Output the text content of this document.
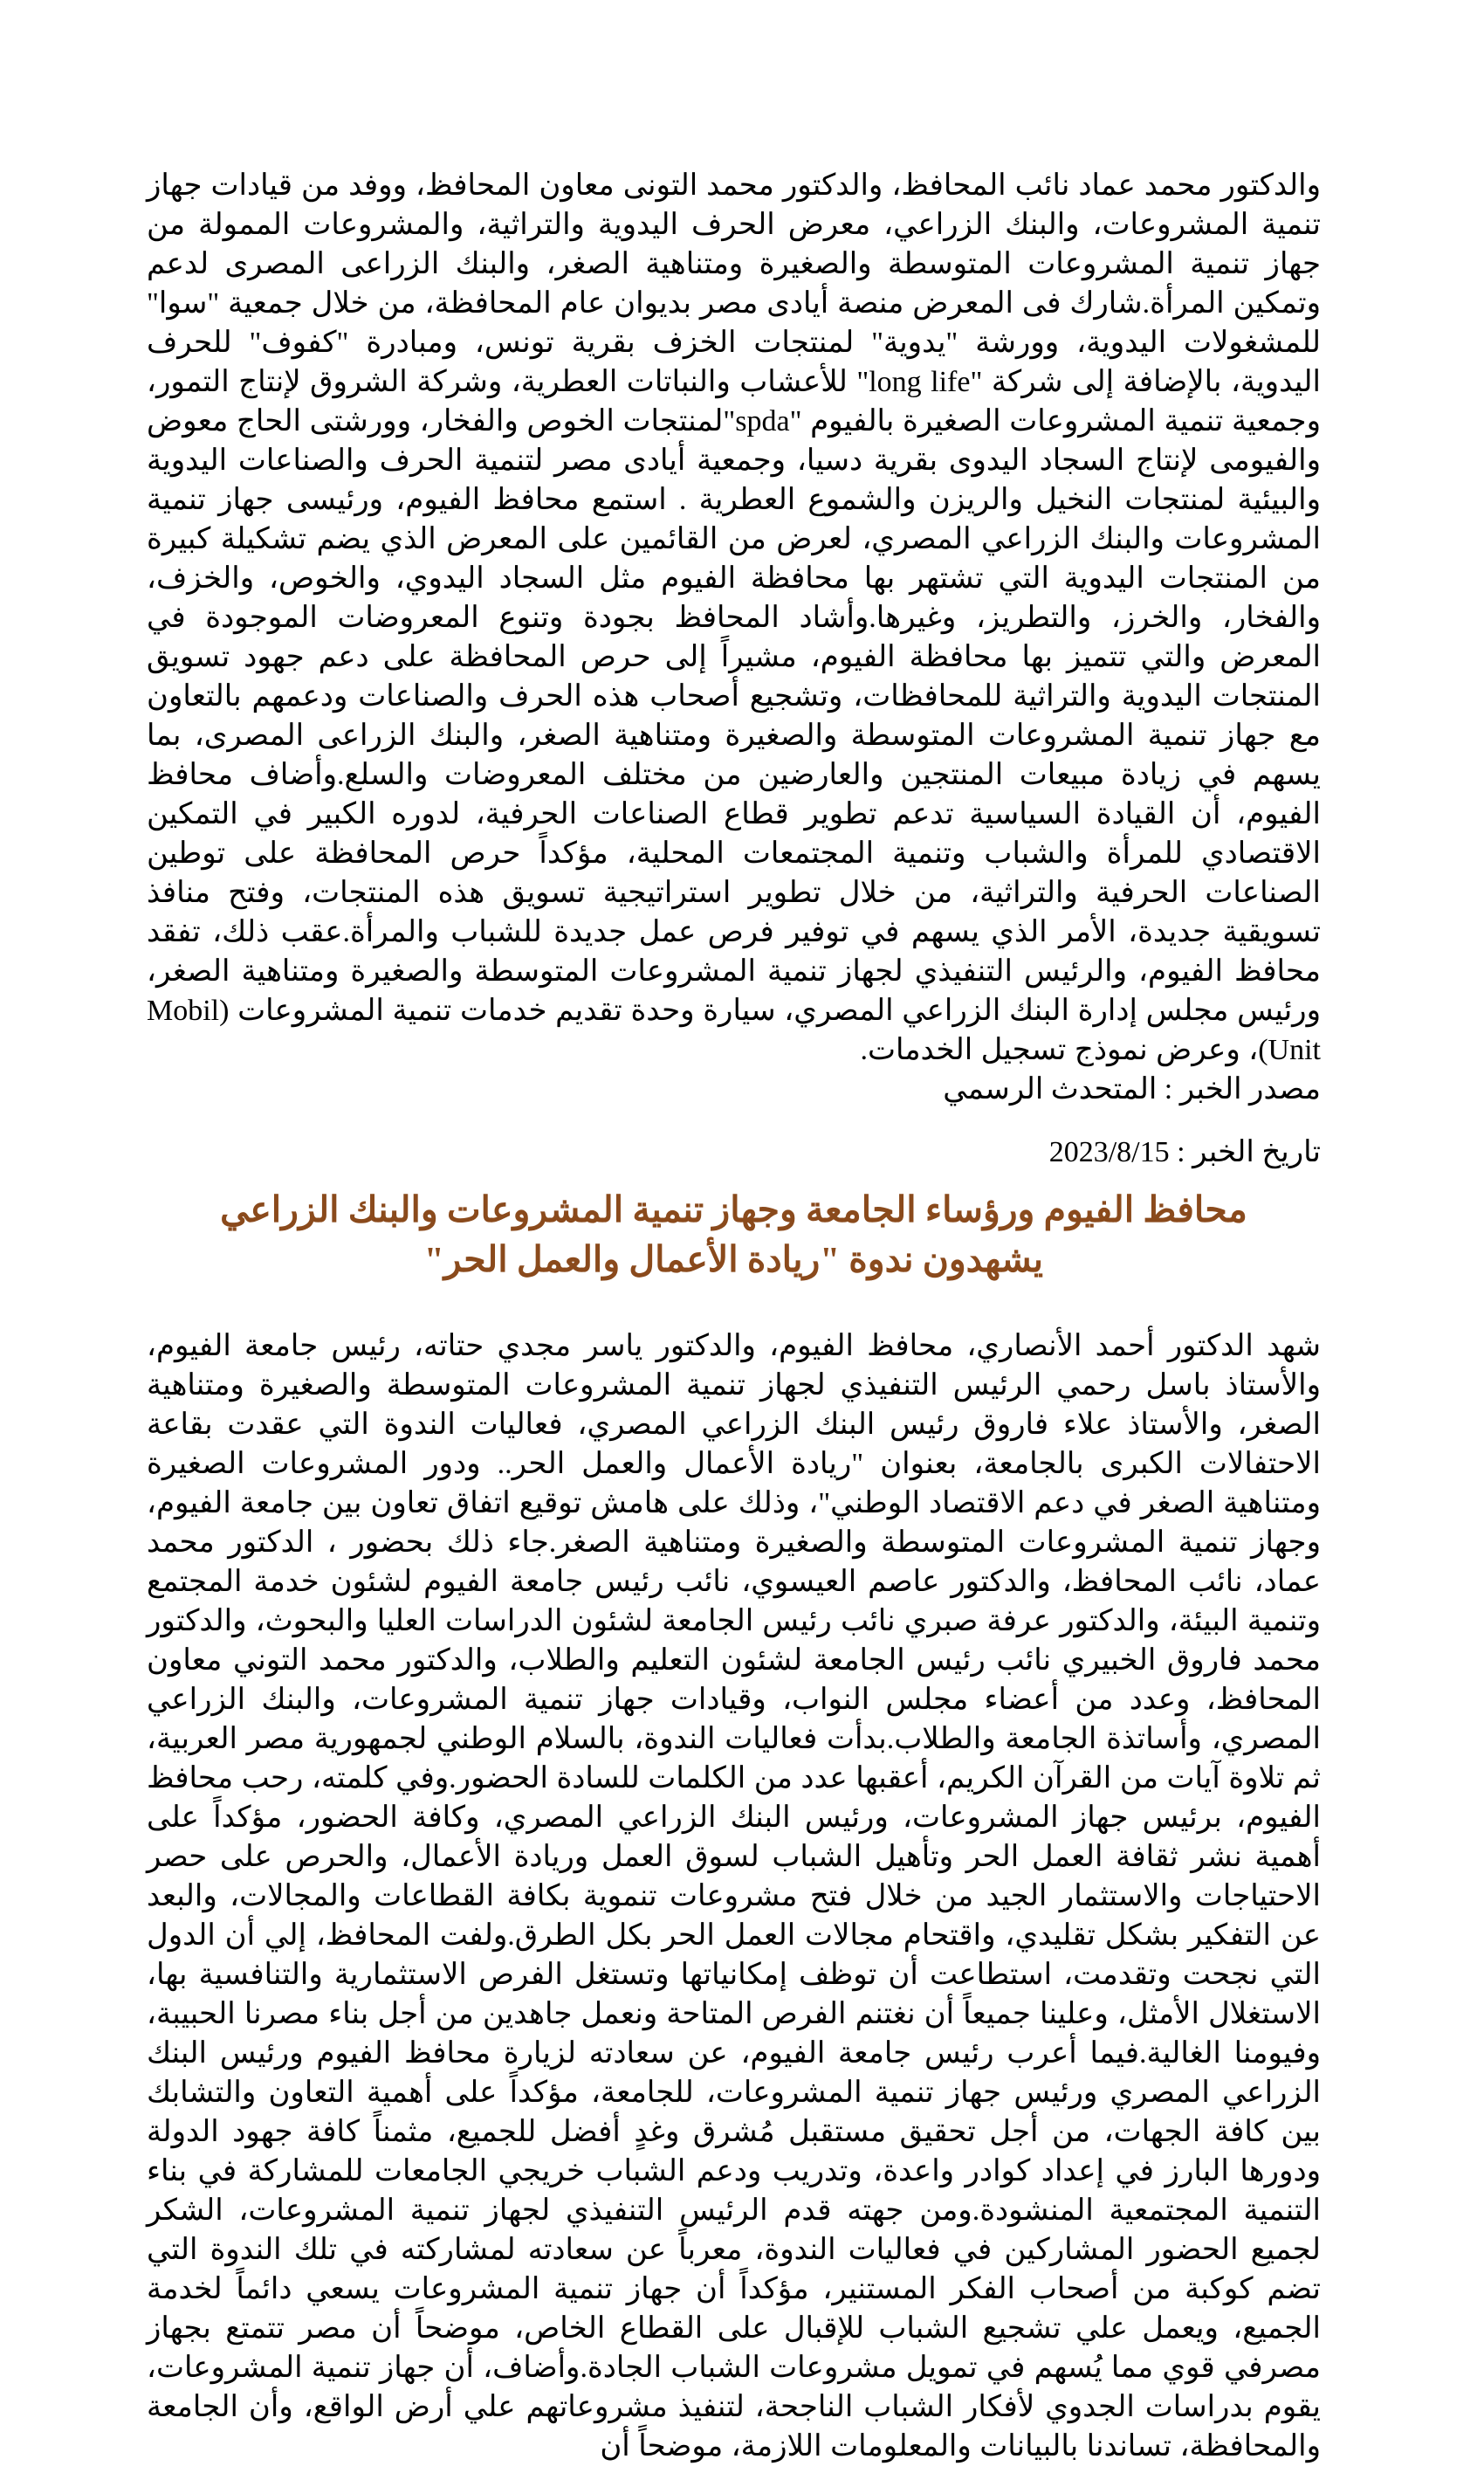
والدكتور محمد عماد نائب المحافظ، والدكتور محمد التونى معاون المحافظ، ووفد من قيادات جهاز تنمية المشروعات، والبنك الزراعي، معرض الحرف اليدوية والتراثية، والمشروعات الممولة من جهاز تنمية المشروعات المتوسطة والصغيرة ومتناهية الصغر، والبنك الزراعى المصرى لدعم وتمكين المرأة.شارك فى المعرض منصة أيادى مصر بديوان عام المحافظة، من خلال جمعية "سوا" للمشغولات اليدوية، وورشة "يدوية" لمنتجات الخزف بقرية تونس، ومبادرة "كفوف" للحرف اليدوية، بالإضافة إلى شركة "long life" للأعشاب والنباتات العطرية، وشركة الشروق لإنتاج التمور، وجمعية تنمية المشروعات الصغيرة بالفيوم "spda"لمنتجات الخوص والفخار، وورشتى الحاج معوض والفيومى لإنتاج السجاد اليدوى بقرية دسيا، وجمعية أيادى مصر لتنمية الحرف والصناعات اليدوية والبيئية لمنتجات النخيل والريزن والشموع العطرية . استمع محافظ الفيوم، ورئيسى جهاز تنمية المشروعات والبنك الزراعي المصري، لعرض من القائمين على المعرض الذي يضم تشكيلة كبيرة من المنتجات اليدوية التي تشتهر بها محافظة الفيوم مثل السجاد اليدوي، والخوص، والخزف، والفخار، والخرز، والتطريز، وغيرها.وأشاد المحافظ بجودة وتنوع المعروضات الموجودة في المعرض والتي تتميز بها محافظة الفيوم، مشيراً إلى حرص المحافظة على دعم جهود تسويق المنتجات اليدوية والتراثية للمحافظات، وتشجيع أصحاب هذه الحرف والصناعات ودعمهم بالتعاون مع جهاز تنمية المشروعات المتوسطة والصغيرة ومتناهية الصغر، والبنك الزراعى المصرى، بما يسهم في زيادة مبيعات المنتجين والعارضين من مختلف المعروضات والسلع.وأضاف محافظ الفيوم، أن القيادة السياسية تدعم تطوير قطاع الصناعات الحرفية، لدوره الكبير في التمكين الاقتصادي للمرأة والشباب وتنمية المجتمعات المحلية، مؤكداً حرص المحافظة على توطين الصناعات الحرفية والتراثية، من خلال تطوير استراتيجية تسويق هذه المنتجات، وفتح منافذ تسويقية جديدة، الأمر الذي يسهم في توفير فرص عمل جديدة للشباب والمرأة.عقب ذلك، تفقد محافظ الفيوم، والرئيس التنفيذي لجهاز تنمية المشروعات المتوسطة والصغيرة ومتناهية الصغر، ورئيس مجلس إدارة البنك الزراعي المصري، سيارة وحدة تقديم خدمات تنمية المشروعات (Mobil Unit)، وعرض نموذج تسجيل الخدمات.

مصدر الخبر : المتحدث الرسمي

تاريخ الخبر : 2023/8/15

محافظ الفيوم ورؤساء الجامعة وجهاز تنمية المشروعات والبنك الزراعي
يشهدون ندوة "ريادة الأعمال والعمل الحر"

شهد الدكتور أحمد الأنصاري، محافظ الفيوم، والدكتور ياسر مجدي حتاته، رئيس جامعة الفيوم، والأستاذ باسل رحمي الرئيس التنفيذي لجهاز تنمية المشروعات المتوسطة والصغيرة ومتناهية الصغر، والأستاذ علاء فاروق رئيس البنك الزراعي المصري، فعاليات الندوة التي عقدت بقاعة الاحتفالات الكبرى بالجامعة، بعنوان "ريادة الأعمال والعمل الحر.. ودور المشروعات الصغيرة ومتناهية الصغر في دعم الاقتصاد الوطني"، وذلك على هامش توقيع اتفاق تعاون بين جامعة الفيوم، وجهاز تنمية المشروعات المتوسطة والصغيرة ومتناهية الصغر.جاء ذلك بحضور ، الدكتور محمد عماد، نائب المحافظ، والدكتور عاصم العيسوي، نائب رئيس جامعة الفيوم لشئون خدمة المجتمع وتنمية البيئة، والدكتور عرفة صبري نائب رئيس الجامعة لشئون الدراسات العليا والبحوث، والدكتور محمد فاروق الخبيري نائب رئيس الجامعة لشئون التعليم والطلاب، والدكتور محمد التوني معاون المحافظ، وعدد من أعضاء مجلس النواب، وقيادات جهاز تنمية المشروعات، والبنك الزراعي المصري، وأساتذة الجامعة والطلاب.بدأت فعاليات الندوة، بالسلام الوطني لجمهورية مصر العربية، ثم تلاوة آيات من القرآن الكريم، أعقبها عدد من الكلمات للسادة الحضور.وفي كلمته، رحب محافظ الفيوم، برئيس جهاز المشروعات، ورئيس البنك الزراعي المصري، وكافة الحضور، مؤكداً على أهمية نشر ثقافة العمل الحر وتأهيل الشباب لسوق العمل وريادة الأعمال، والحرص على حصر الاحتياجات والاستثمار الجيد من خلال فتح مشروعات تنموية بكافة القطاعات والمجالات، والبعد عن التفكير بشكل تقليدي، واقتحام مجالات العمل الحر بكل الطرق.ولفت المحافظ، إلي أن الدول التي نجحت وتقدمت، استطاعت أن توظف إمكانياتها وتستغل الفرص الاستثمارية والتنافسية بها، الاستغلال الأمثل، وعلينا جميعاً أن نغتنم الفرص المتاحة ونعمل جاهدين من أجل بناء مصرنا الحبيبة، وفيومنا الغالية.فيما أعرب رئيس جامعة الفيوم، عن سعادته لزيارة محافظ الفيوم ورئيس البنك الزراعي المصري ورئيس جهاز تنمية المشروعات، للجامعة، مؤكداً على أهمية التعاون والتشابك بين كافة الجهات، من أجل تحقيق مستقبل مُشرق وغدٍ أفضل للجميع، مثمناً كافة جهود الدولة ودورها البارز في إعداد كوادر واعدة، وتدريب ودعم الشباب خريجي الجامعات للمشاركة في بناء التنمية المجتمعية المنشودة.ومن جهته قدم الرئيس التنفيذي لجهاز تنمية المشروعات، الشكر لجميع الحضور المشاركين في فعاليات الندوة، معرباً عن سعادته لمشاركته في تلك الندوة التي تضم كوكبة من أصحاب الفكر المستنير، مؤكداً أن جهاز تنمية المشروعات يسعي دائماً لخدمة الجميع، ويعمل علي تشجيع الشباب للإقبال على القطاع الخاص، موضحاً أن مصر تتمتع بجهاز مصرفي قوي مما يُسهم في تمويل مشروعات الشباب الجادة.وأضاف، أن جهاز تنمية المشروعات، يقوم بدراسات الجدوي لأفكار الشباب الناجحة، لتنفيذ مشروعاتهم علي أرض الواقع، وأن الجامعة والمحافظة، تساندنا بالبيانات والمعلومات اللازمة، موضحاً أن
